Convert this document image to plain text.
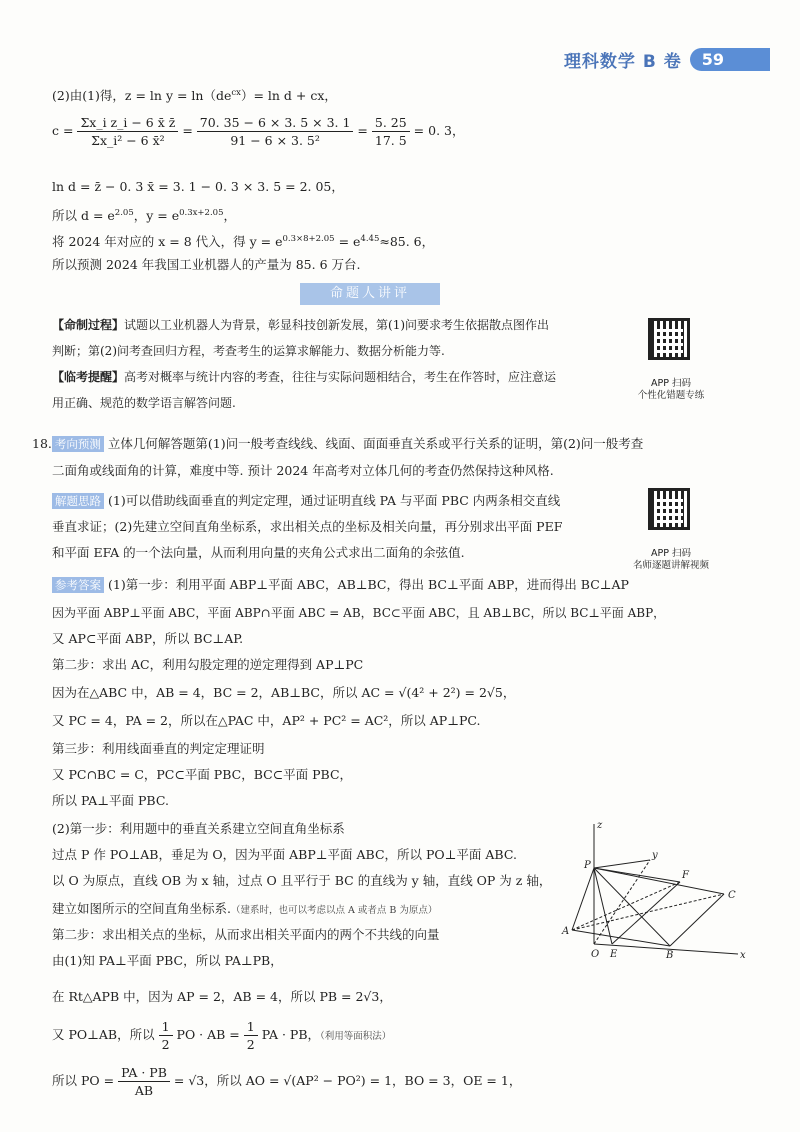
理科数学 B 卷	59
(2)由(1)得，$z = \ln y = \ln(de^{cx})= \ln d$ + cx，
$c = \frac{\text{Σx\_i z\_i − 6 x̄ z̄}}{\text{Σx\_i² − 6 x̄²}} = \frac{70. 35 - 6 \times 3. 5 \times 3. 1}{\text{91 − 6 × 3. 5²}} = \frac{5. 25}{17. 5} = 0$. 3，
ln d = z̄ − 0. 3 x̄ = 3. 1 − 0. 3 × 3. 5 = 2. 05，
所以 $d = e^{2.05}$，$y = e^{0.3x+2.05}$，
将 2024 年对应的 x = 8 代入，得 $y = e^{0.3\times 8+2.05} = e^{4.45}\approx 85$. 6，
所以预测 2024 年我国工业机器人的产量为 85. 6 万台.
命题人讲评
【命制过程】试题以工业机器人为背景，彰显科技创新发展，第(1)问要求考生依据散点图作出
判断；第(2)问考查回归方程，考查考生的运算求解能力、数据分析能力等.
【临考提醒】高考对概率与统计内容的考查，往往与实际问题相结合，考生在作答时，应注意运
用正确、规范的数学语言解答问题.
APP 扫码
个性化错题专练
18. 考向预测 立体几何解答题第(1)问一般考查线线、线面、面面垂直关系或平行关系的证明，第(2)问一般考查
二面角或线面角的计算，难度中等. 预计 2024 年高考对立体几何的考查仍然保持这种风格.
解题思路 (1)可以借助线面垂直的判定定理，通过证明直线 PA 与平面 PBC 内两条相交直线
垂直求证；(2)先建立空间直角坐标系，求出相关点的坐标及相关向量，再分别求出平面 PEF
和平面 EFA 的一个法向量，从而利用向量的夹角公式求出二面角的余弦值.	APP 扫码
名师逐题讲解视频
参考答案 (1)第一步：利用平面 ABP⊥平面 ABC，AB⊥BC，得出 BC⊥平面 ABP，进而得出 BC⊥AP
因为平面 ABP⊥平面 ABC，平面 ABP∩平面 ABC = AB，BC⊂平面 ABC，且 AB⊥BC，所以 BC⊥平面 ABP，
又 AP⊂平面 ABP，所以 BC⊥AP.
第二步：求出 AC，利用勾股定理的逆定理得到 AP⊥PC
因为在△ABC 中，AB = 4，BC = 2，AB⊥BC，所以 AC = √(4² + 2²) = 2√5，
又 PC = 4，PA = 2，所以在△PAC 中，AP² + PC² = AC²，所以 AP⊥PC.
第三步：利用线面垂直的判定定理证明
又 PC∩BC = C，PC⊂平面 PBC，BC⊂平面 PBC，
所以 PA⊥平面 PBC.
(2)第一步：利用题中的垂直关系建立空间直角坐标系
过点 P 作 PO⊥AB，垂足为 O，因为平面 ABP⊥平面 ABC，所以 PO⊥平面 ABC.
以 O 为原点，直线 OB 为 x 轴，过点 O 且平行于 BC 的直线为 y 轴，直线 OP 为 z 轴，
建立如图所示的空间直角坐标系.（建系时，也可以考虑以点 A 或者点 B 为原点）
第二步：求出相关点的坐标，从而求出相关平面内的两个不共线的向量
由(1)知 PA⊥平面 PBC，所以 PA⊥PB，
在 Rt△APB 中，因为 AP = 2，AB = 4，所以 PB = 2√3，
又 PO⊥AB，所以 $\frac{1}{2}$ PO · AB = $\frac{1}{2}$ PA · PB，（利用等面积法）
所以 PO = $\frac{PA \cdot PB}{AB} = √3$，所以 AO = √(AP² − PO²) = 1，BO = 3，OE = 1，
z
y
x
P
F
C
A
O E	B
